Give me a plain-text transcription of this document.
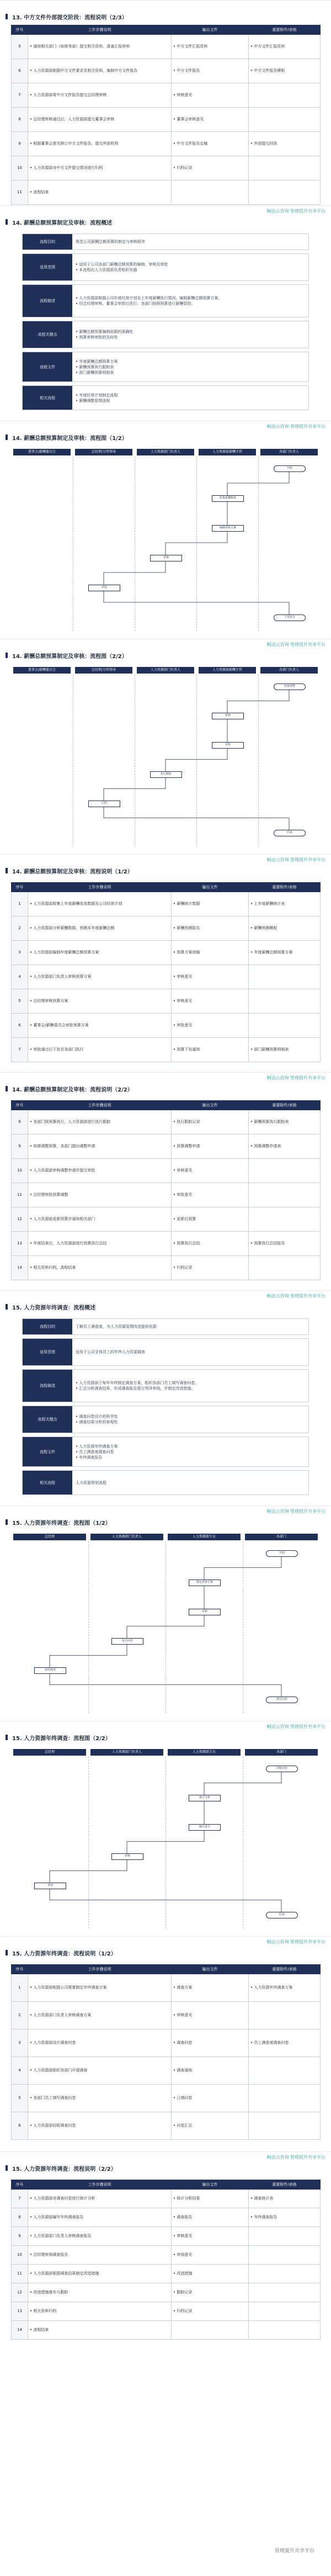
13. 中方文件外部提交阶段：流程说明（2/3）
序号	工作步骤说明	输出文件	重要附件/表格
5	• 通知相关部门（如财务部）提交相关资料，准备汇报材料	• 中方文件汇报资料	• 中方文件汇报资料
6	• 人力资源部根据中方文件要求及相关资料，编制中方文件报告	• 中方文件报告	• 中方文件报告模板
7	• 人力资源部将中方文件报告提交总经理审核	• 审核意见	
8	• 总经理审核通过后，人力资源部提交董事会审核	• 董事会审核意见	
9	• 根据董事会意见修订中方文件报告，提交外部机构	• 中方文件报告定稿	• 外部提交回执
10	• 人力资源部对中方文件提交情况进行归档	• 归档记录	
11	• 流程结束		
畅达云咨询 管理提升共享平台
14. 薪酬总额预算制定及审核：流程概述
流程目的	规范公司薪酬总额预算的制定与审核程序
适用范围
• 适用于公司各部门薪酬总额预算的编制、审核及审批
• 本流程由人力资源部负责组织实施
流程描述
• 人力资源部根据公司年度经营计划及上年度薪酬执行情况，编制薪酬总额预算方案，
• 经总经理审核、董事会审批后执行；各部门按照预算进行薪酬管控。
流程关键点
• 薪酬总额预算编制依据的准确性
• 预算审核审批的及时性
流程文件
• 年度薪酬总额预算方案
• 薪酬预算执行跟踪表
• 部门薪酬预算明细表
相关流程
• 年度经营计划制定流程
• 薪酬调整管理流程
畅达云咨询 管理提升共享平台
14. 薪酬总额预算制定及审核：流程图（1/2）
董事会/薪酬委员会	总经理/分管领导	人力资源部门负责人	人力资源部薪酬主管	各部门负责人
开始
收集薪酬数据
编制预算方案
审核
审批
下发执行
畅达云咨询 管理提升共享平台
14. 薪酬总额预算制定及审核：流程图（2/2）
董事会/薪酬委员会	总经理/分管领导	人力资源部门负责人	人力资源部薪酬主管	各部门负责人
预算调整
审核
审批
执行跟踪
归档
结束
畅达云咨询 管理提升共享平台
14. 薪酬总额预算制定及审核：流程说明（1/2）
序号	工作步骤说明	输出文件	重要附件/表格
1	• 人力资源部收集上年度薪酬发放数据及公司经营计划	• 薪酬统计数据	• 上年度薪酬统计表
2	• 人力资源部分析薪酬数据，预测本年度薪酬总额	• 薪酬预测报告	• 薪酬预测模板
3	• 人力资源部编制年度薪酬总额预算方案	• 预算方案初稿	• 年度薪酬总额预算方案
4	• 人力资源部门负责人审核预算方案	• 审核意见	
5	• 总经理审核预算方案	• 审核意见	
6	• 董事会/薪酬委员会审批预算方案	• 审批意见	
7	• 审批通过后下发至各部门执行	• 预算下发通知	• 部门薪酬预算明细表
畅达云咨询 管理提升共享平台
14. 薪酬总额预算制定及审核：流程说明（2/2）
序号	工作步骤说明	输出文件	重要附件/表格
8	• 各部门按预算执行，人力资源部进行执行跟踪	• 执行跟踪记录	• 薪酬预算执行跟踪表
9	• 如需调整预算，各部门提出调整申请	• 预算调整申请	• 预算调整申请表
10	• 人力资源部审核调整申请并提交审批	• 审核意见	
11	• 总经理审批预算调整	• 审批意见	
12	• 人力资源部更新预算并通知相关部门	• 更新后预算	
13	• 年度结束后，人力资源部进行预算执行总结	• 预算执行总结	• 预算执行总结报告
14	• 相关资料归档，流程结束	• 归档记录	
畅达云咨询 管理提升共享平台
15. 人力资源年终调查：流程概述
流程目的	了解员工满意度，为人力资源管理改进提供依据
适用范围	适用于公司全体员工的年终人力资源调查
流程描述
• 人力资源部于每年年终制定调查方案，组织各部门员工填写调查问卷，
• 汇总分析调查结果，形成调查报告提交领导审阅，并制定改进措施。
流程关键点
• 调查问卷设计的科学性
• 调查结果分析的客观性
流程文件
• 人力资源年终调查方案
• 员工满意度调查问卷
• 年终调查报告
相关流程	人力资源规划流程
畅达云咨询 管理提升共享平台
15. 人力资源年终调查：流程图（1/2）
总经理	人力资源部门负责人	人力资源部专员	各部门
开始
制定调查方案
审核
设计问卷
组织调查
填写问卷
畅达云咨询 管理提升共享平台
15. 人力资源年终调查：流程图（2/2）
总经理	人力资源部门负责人	人力资源部专员	各部门
回收问卷
统计分析
编写报告
审核
审阅
结束
畅达云咨询 管理提升共享平台
15. 人力资源年终调查：流程说明（1/2）
序号	工作步骤说明	输出文件	重要附件/表格
1	• 人力资源部根据公司需要制定年终调查方案	• 调查方案	• 人力资源年终调查方案
2	• 人力资源部门负责人审核调查方案	• 审核意见	
3	• 人力资源部设计调查问卷	• 调查问卷	• 员工满意度调查问卷
4	• 人力资源部组织各部门开展调查	• 调查通知	
5	• 各部门员工填写调查问卷	• 已填问卷	
6	• 人力资源部回收调查问卷	• 问卷汇总	
畅达云咨询 管理提升共享平台
15. 人力资源年终调查：流程说明（2/2）
序号	工作步骤说明	输出文件	重要附件/表格
7	• 人力资源部对调查问卷进行统计分析	• 统计分析结果	• 调查统计表
8	• 人力资源部编写年终调查报告	• 调查报告	• 年终调查报告
9	• 人力资源部门负责人审核调查报告	• 审核意见	
10	• 总经理审阅调查报告	• 审阅意见	
11	• 人力资源部根据调查结果制定改进措施	• 改进措施	
12	• 改进措施落实与跟踪	• 跟踪记录	
13	• 相关资料归档	• 归档记录	
14	• 流程结束		
管理提升共享平台
